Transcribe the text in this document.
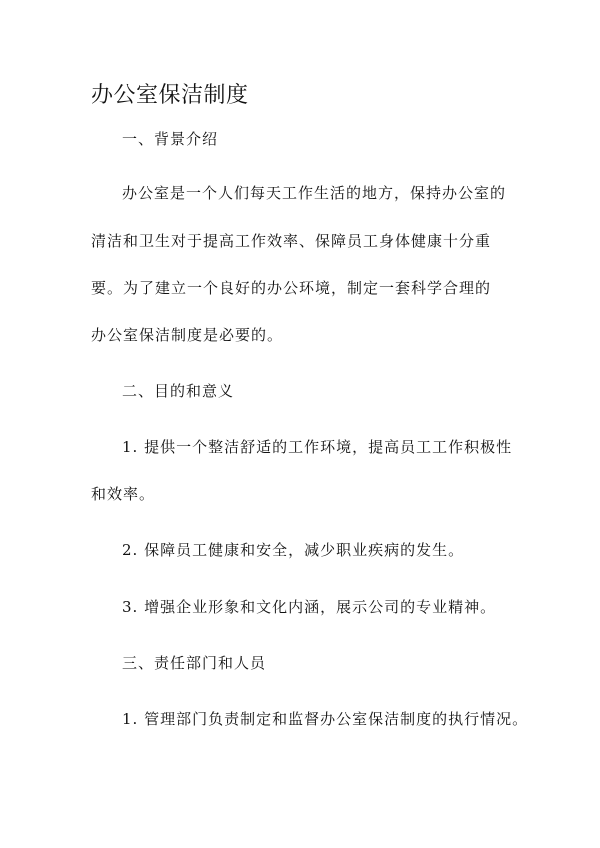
办公室保洁制度

一、背景介绍

办公室是一个人们每天工作生活的地方，保持办公室的

清洁和卫生对于提高工作效率、保障员工身体健康十分重

要。为了建立一个良好的办公环境，制定一套科学合理的

办公室保洁制度是必要的。

二、目的和意义

1. 提供一个整洁舒适的工作环境，提高员工工作积极性

和效率。

2. 保障员工健康和安全，减少职业疾病的发生。

3. 增强企业形象和文化内涵，展示公司的专业精神。

三、责任部门和人员

1. 管理部门负责制定和监督办公室保洁制度的执行情况。
